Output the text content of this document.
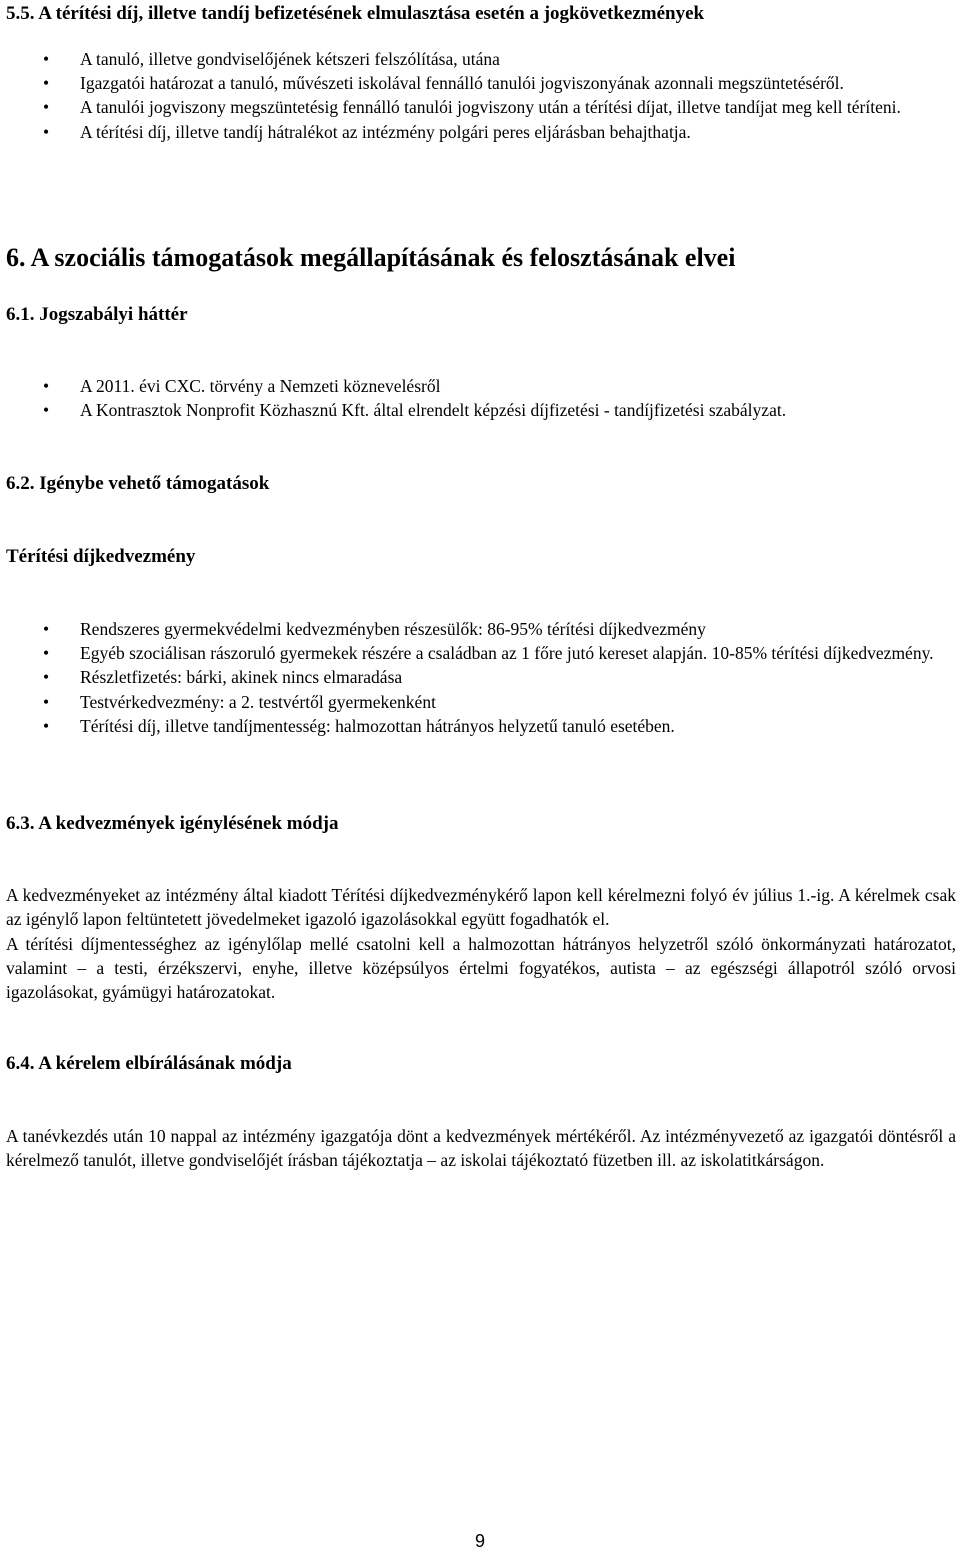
5.5. A térítési díj, illetve tandíj befizetésének elmulasztása esetén a jogkövetkezmények
• A tanuló, illetve gondviselőjének kétszeri felszólítása, utána
• Igazgatói határozat a tanuló, művészeti iskolával fennálló tanulói jogviszonyának azonnali megszüntetéséről.
• A tanulói jogviszony megszüntetésig fennálló tanulói jogviszony után a térítési díjat, illetve tandíjat meg kell téríteni.
• A térítési díj, illetve tandíj hátralékot az intézmény polgári peres eljárásban behajthatja.
6. A szociális támogatások megállapításának és felosztásának elvei
6.1. Jogszabályi háttér
• A 2011. évi CXC. törvény a Nemzeti köznevelésről
• A Kontrasztok Nonprofit Közhasznú Kft. által elrendelt képzési díjfizetési - tandíjfizetési szabályzat.
6.2. Igénybe vehető támogatások
Térítési díjkedvezmény
• Rendszeres gyermekvédelmi kedvezményben részesülők: 86-95% térítési díjkedvezmény
• Egyéb szociálisan rászoruló gyermekek részére a családban az 1 főre jutó kereset alapján. 10-85% térítési díjkedvezmény.
• Részletfizetés: bárki, akinek nincs elmaradása
• Testvérkedvezmény: a 2. testvértől gyermekenként
• Térítési díj, illetve tandíjmentesség: halmozottan hátrányos helyzetű tanuló esetében.
6.3. A kedvezmények igénylésének módja

A kedvezményeket az intézmény által kiadott Térítési díjkedvezménykérő lapon kell kérelmezni folyó év július 1.-ig. A kérelmek csak az igénylő lapon feltüntetett jövedelmeket igazoló igazolásokkal együtt fogadhatók el.

A térítési díjmentességhez az igénylőlap mellé csatolni kell a halmozottan hátrányos helyzetről szóló önkormányzati határozatot, valamint – a testi, érzékszervi, enyhe, illetve középsúlyos értelmi fogyatékos, autista – az egészségi állapotról szóló orvosi igazolásokat, gyámügyi határozatokat.

6.4. A kérelem elbírálásának módja

A tanévkezdés után 10 nappal az intézmény igazgatója dönt a kedvezmények mértékéről. Az intézményvezető az igazgatói döntésről a kérelmező tanulót, illetve gondviselőjét írásban tájékoztatja – az iskolai tájékoztató füzetben ill. az iskolatitkárságon.

9
